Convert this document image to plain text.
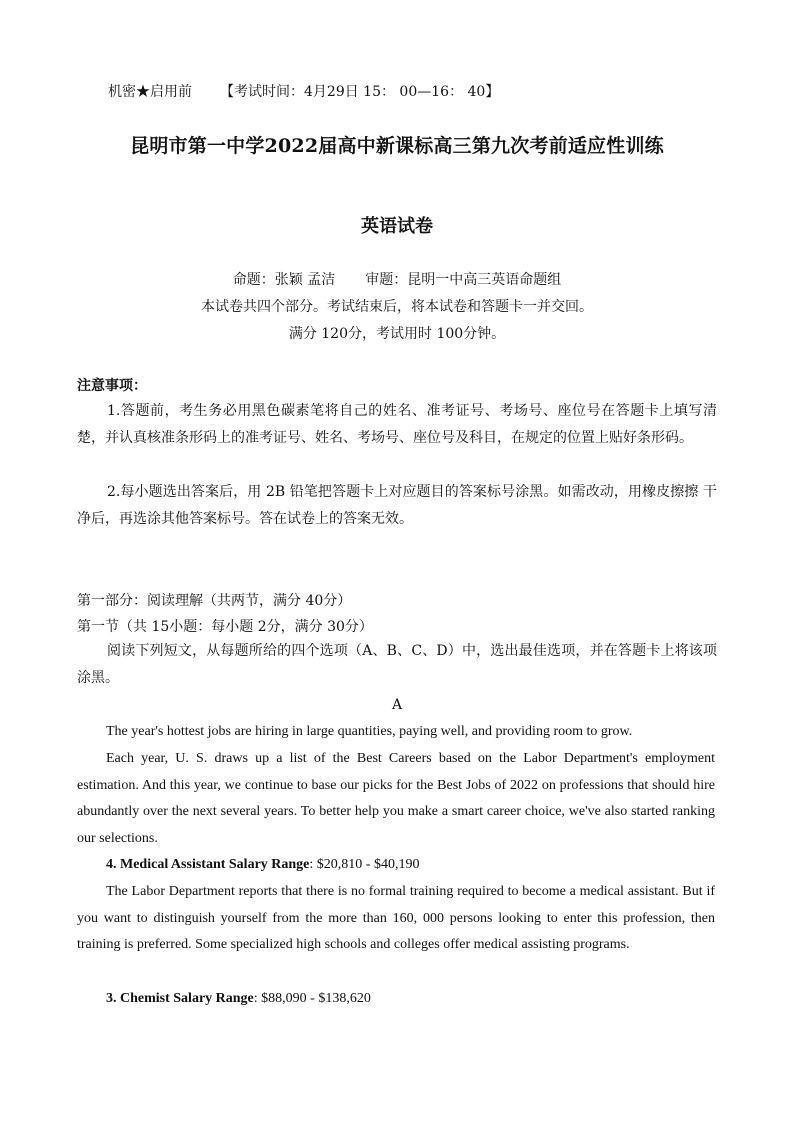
机密★启用前 【考试时间：4月29日 15： 00—16： 40】
昆明市第一中学2022届高中新课标高三第九次考前适应性训练
英语试卷
命题：张颖 孟洁 审题：昆明一中高三英语命题组
本试卷共四个部分。考试结束后，将本试卷和答题卡一并交回。
满分 120分，考试用时 100分钟。
注意事项：
1.答题前，考生务必用黑色碳素笔将自己的姓名、准考证号、考场号、座位号在答题卡上填写清 楚，并认真核准条形码上的准考证号、姓名、考场号、座位号及科目，在规定的位置上贴好条形码。
2.每小题选出答案后，用 2B 铅笔把答题卡上对应题目的答案标号涂黑。如需改动，用橡皮擦擦 干净后，再选涂其他答案标号。答在试卷上的答案无效。
第一部分：阅读理解（共两节，满分 40分）
第一节（共 15小题：每小题 2分，满分 30分）
阅读下列短文，从每题所给的四个选项（A、B、C、D）中，选出最佳选项，并在答题卡上将该项 涂黑。
A
The year's hottest jobs are hiring in large quantities, paying well, and providing room to grow.
Each year, U. S. draws up a list of the Best Careers based on the Labor Department's employment estimation. And this year, we continue to base our picks for the Best Jobs of 2022 on professions that should hire abundantly over the next several years. To better help you make a smart career choice, we've also started ranking our selections.
4. Medical Assistant Salary Range: $20,810 - $40,190
The Labor Department reports that there is no formal training required to become a medical assistant. But if you want to distinguish yourself from the more than 160, 000 persons looking to enter this profession, then training is preferred. Some specialized high schools and colleges offer medical assisting programs.
3. Chemist Salary Range: $88,090 - $138,620
